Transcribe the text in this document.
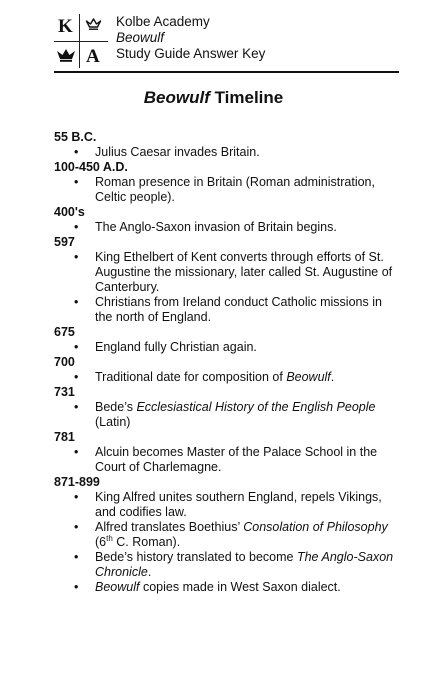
K
A
Kolbe Academy
Beowulf
Study Guide Answer Key
Beowulf Timeline
55 B.C.
• Julius Caesar invades Britain.
100-450 A.D.
• Roman presence in Britain (Roman administration, Celtic people).
400's
• The Anglo-Saxon invasion of Britain begins.
597
• King Ethelbert of Kent converts through efforts of St. Augustine the missionary, later called St. Augustine of Canterbury.
• Christians from Ireland conduct Catholic missions in the north of England.
675
• England fully Christian again.
700
• Traditional date for composition of Beowulf.
731
• Bede’s Ecclesiastical History of the English People (Latin)
781
• Alcuin becomes Master of the Palace School in the Court of Charlemagne.
871-899
• King Alfred unites southern England, repels Vikings, and codifies law.
• Alfred translates Boethius’ Consolation of Philosophy (6th C. Roman).
• Bede’s history translated to become The Anglo-Saxon Chronicle.
• Beowulf copies made in West Saxon dialect.
